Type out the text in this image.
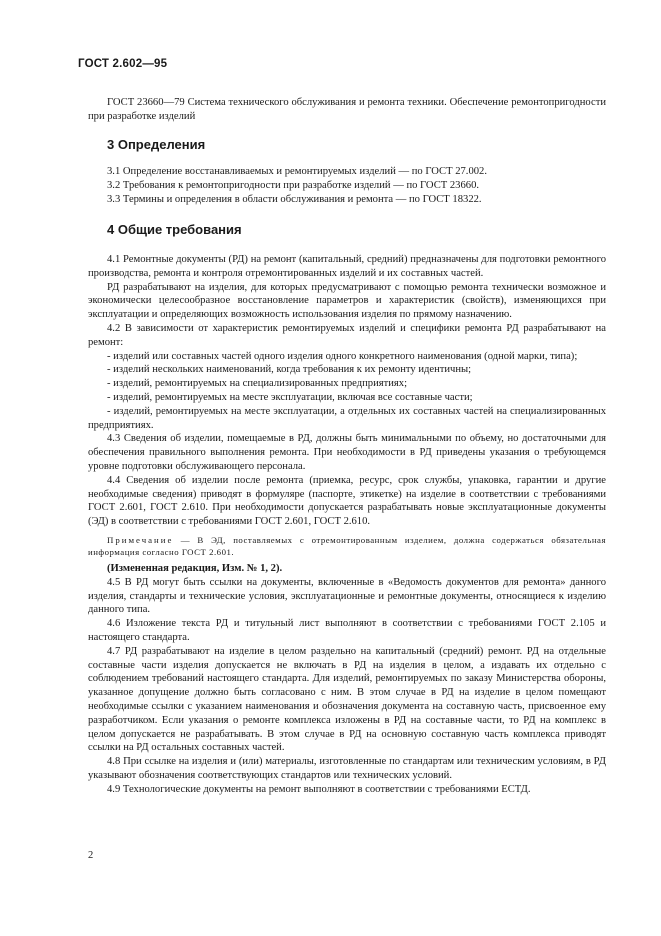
ГОСТ 2.602—95

ГОСТ 23660—79 Система технического обслуживания и ремонта техники. Обеспечение ремонтопригодности при разработке изделий

3 Определения

3.1 Определение восстанавливаемых и ремонтируемых изделий — по ГОСТ 27.002.

3.2 Требования к ремонтопригодности при разработке изделий — по ГОСТ 23660.

3.3 Термины и определения в области обслуживания и ремонта — по ГОСТ 18322.

4 Общие требования

4.1 Ремонтные документы (РД) на ремонт (капитальный, средний) предназначены для подготовки ремонтного производства, ремонта и контроля отремонтированных изделий и их составных частей.

РД разрабатывают на изделия, для которых предусматривают с помощью ремонта технически возможное и экономически целесообразное восстановление параметров и характеристик (свойств), изменяющихся при эксплуатации и определяющих возможность использования изделия по прямому назначению.

4.2 В зависимости от характеристик ремонтируемых изделий и специфики ремонта РД разрабатывают на ремонт:

- изделий или составных частей одного изделия одного конкретного наименования (одной марки, типа);

- изделий нескольких наименований, когда требования к их ремонту идентичны;

- изделий, ремонтируемых на специализированных предприятиях;

- изделий, ремонтируемых на месте эксплуатации, включая все составные части;

- изделий, ремонтируемых на месте эксплуатации, а отдельных их составных частей на специализированных предприятиях.

4.3 Сведения об изделии, помещаемые в РД, должны быть минимальными по объему, но достаточными для обеспечения правильного выполнения ремонта. При необходимости в РД приведены указания о требующемся уровне подготовки обслуживающего персонала.

4.4 Сведения об изделии после ремонта (приемка, ресурс, срок службы, упаковка, гарантии и другие необходимые сведения) приводят в формуляре (паспорте, этикетке) на изделие в соответствии с требованиями ГОСТ 2.601, ГОСТ 2.610. При необходимости допускается разрабатывать новые эксплуатационные документы (ЭД) в соответствии с требованиями ГОСТ 2.601, ГОСТ 2.610.

Примечание — В ЭД, поставляемых с отремонтированным изделием, должна содержаться обязательная информация согласно ГОСТ 2.601.

(Измененная редакция, Изм. № 1, 2).

4.5 В РД могут быть ссылки на документы, включенные в «Ведомость документов для ремонта» данного изделия, стандарты и технические условия, эксплуатационные и ремонтные документы, относящиеся к изделию данного типа.

4.6 Изложение текста РД и титульный лист выполняют в соответствии с требованиями ГОСТ 2.105 и настоящего стандарта.

4.7 РД разрабатывают на изделие в целом раздельно на капитальный (средний) ремонт. РД на отдельные составные части изделия допускается не включать в РД на изделия в целом, а издавать их отдельно с соблюдением требований настоящего стандарта. Для изделий, ремонтируемых по заказу Министерства обороны, указанное допущение должно быть согласовано с ним. В этом случае в РД на изделие в целом помещают необходимые ссылки с указанием наименования и обозначения документа на составную часть, присвоенное ему разработчиком. Если указания о ремонте комплекса изложены в РД на составные части, то РД на комплекс в целом допускается не разрабатывать. В этом случае в РД на основную составную часть комплекса приводят ссылки на РД остальных составных частей.

4.8 При ссылке на изделия и (или) материалы, изготовленные по стандартам или техническим условиям, в РД указывают обозначения соответствующих стандартов или технических условий.

4.9 Технологические документы на ремонт выполняют в соответствии с требованиями ЕСТД.

2
